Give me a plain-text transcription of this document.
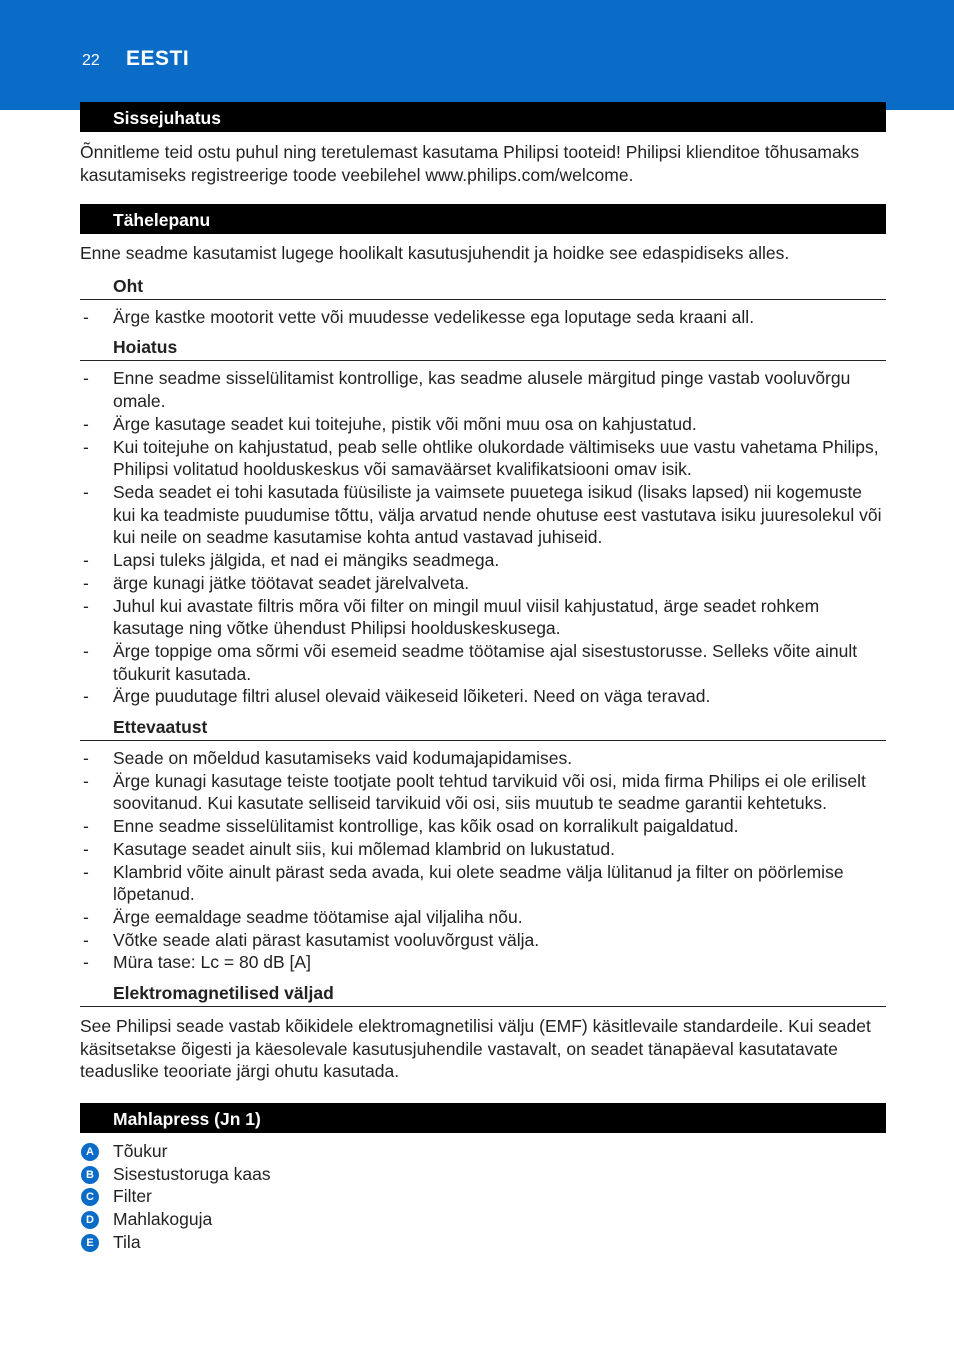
22 EESTI
Sissejuhatus

Õnnitleme teid ostu puhul ning teretulemast kasutama Philipsi tooteid! Philipsi klienditoe tõhusamaks kasutamiseks registreerige toode veebilehel www.philips.com/welcome.

Tähelepanu

Enne seadme kasutamist lugege hoolikalt kasutusjuhendit ja hoidke see edaspidiseks alles.

Oht
- Ärge kastke mootorit vette või muudesse vedelikesse ega loputage seda kraani all.
Hoiatus
- Enne seadme sisselülitamist kontrollige, kas seadme alusele märgitud pinge vastab vooluvõrgu omale.
- Ärge kasutage seadet kui toitejuhe, pistik või mõni muu osa on kahjustatud.
- Kui toitejuhe on kahjustatud, peab selle ohtlike olukordade vältimiseks uue vastu vahetama Philips, Philipsi volitatud hoolduskeskus või samaväärset kvalifikatsiooni omav isik.
- Seda seadet ei tohi kasutada füüsiliste ja vaimsete puuetega isikud (lisaks lapsed) nii kogemuste kui ka teadmiste puudumise tõttu, välja arvatud nende ohutuse eest vastutava isiku juuresolekul või kui neile on seadme kasutamise kohta antud vastavad juhiseid.
- Lapsi tuleks jälgida, et nad ei mängiks seadmega.
- ärge kunagi jätke töötavat seadet järelvalveta.
- Juhul kui avastate filtris mõra või filter on mingil muul viisil kahjustatud, ärge seadet rohkem kasutage ning võtke ühendust Philipsi hoolduskeskusega.
- Ärge toppige oma sõrmi või esemeid seadme töötamise ajal sisestustorusse. Selleks võite ainult tõukurit kasutada.
- Ärge puudutage filtri alusel olevaid väikeseid lõiketeri. Need on väga teravad.
Ettevaatust
- Seade on mõeldud kasutamiseks vaid kodumajapidamises.
- Ärge kunagi kasutage teiste tootjate poolt tehtud tarvikuid või osi, mida firma Philips ei ole eriliselt soovitanud. Kui kasutate selliseid tarvikuid või osi, siis muutub te seadme garantii kehtetuks.
- Enne seadme sisselülitamist kontrollige, kas kõik osad on korralikult paigaldatud.
- Kasutage seadet ainult siis, kui mõlemad klambrid on lukustatud.
- Klambrid võite ainult pärast seda avada, kui olete seadme välja lülitanud ja filter on pöörlemise lõpetanud.
- Ärge eemaldage seadme töötamise ajal viljaliha nõu.
- Võtke seade alati pärast kasutamist vooluvõrgust välja.
- Müra tase: Lc = 80 dB [A]
Elektromagnetilised väljad

See Philipsi seade vastab kõikidele elektromagnetilisi välju (EMF) käsitlevaile standardeile. Kui seadet käsitsetakse õigesti ja käesolevale kasutusjuhendile vastavalt, on seadet tänapäeval kasutatavate teaduslike teooriate järgi ohutu kasutada.

Mahlapress (Jn 1)
A Tõukur
B Sisestustoruga kaas
C Filter
D Mahlakoguja
E	Tila
